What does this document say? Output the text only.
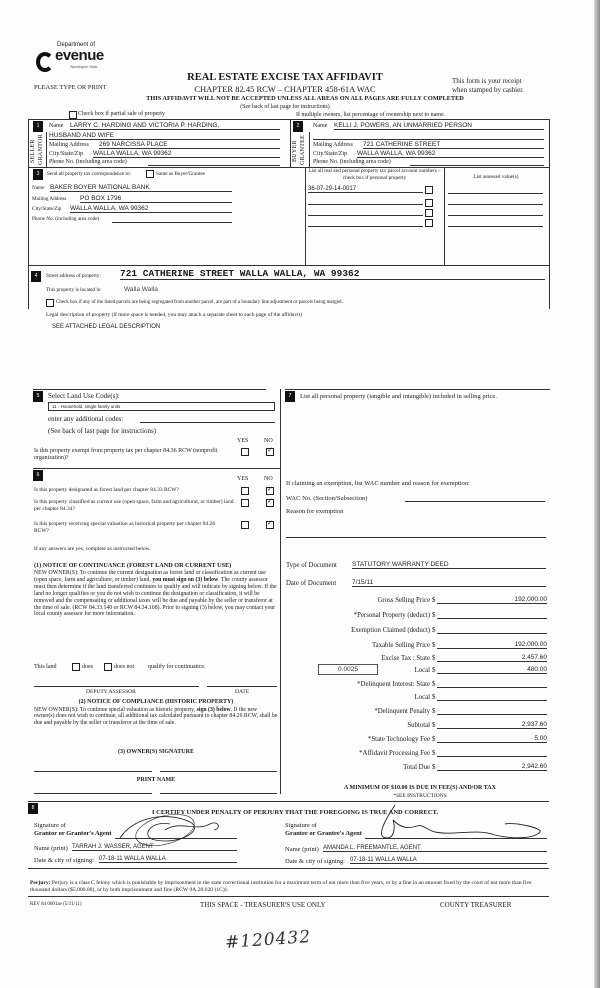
Department of
evenue
Washington State
PLEASE TYPE OR PRINT
REAL ESTATE EXCISE TAX AFFIDAVIT
CHAPTER 82.45 RCW – CHAPTER 458-61A WAC
This form is your receipt
when stamped by cashier.
THIS AFFIDAVIT WILL NOT BE ACCEPTED UNLESS ALL AREAS ON ALL PAGES ARE FULLY COMPLETED
(See back of last page for instructions)
Check box if partial sale of property	If multiple owners, list percentage of ownership next to name.
1
SELLER GRANTOR
Name LARRY C. HARDING AND VICTORIA P. HARDING,
HUSBAND AND WIFE
Mailing Address 269 NARCISSA PLACE
City/State/Zip WALLA WALLA, WA 99362
Phone No. (including area code)
2
BUYER GRANTEE
Name KELLI J. POWERS, AN UNMARRIED PERSON
Mailing Address 721 CATHERINE STREET
City/State/Zip WALLA WALLA, WA 99362
Phone No. (including area code)
3	Send all property tax correspondence to:	Same as Buyer/Grantee
Name BAKER BOYER NATIONAL BANK
Mailing Address PO BOX 1796
City/State/Zip WALLA WALLA, WA 99362
Phone No. (including area code)
List all real and personal property tax parcel account numbers – check box if personal property	List assessed value(s)
36-07-29-14-0017
4	Street address of property: 721 CATHERINE STREET WALLA WALLA, WA 99362
This property is located in	Walla Walla
Check box if any of the listed parcels are being segregated from another parcel, are part of a boundary line adjustment or parcels being merged.
Legal description of property (if more space is needed, you may attach a separate sheet to each page of the affidavit)
SEE ATTACHED LEGAL DESCRIPTION
5	Select Land Use Code(s):
11 - Household, single family units
enter any additional codes:
(See back of last page for instructions)
YES	NO
Is this property exempt from property tax per chapter 84.36 RCW (nonprofit organization)?
✓
6
YES	NO
Is this property designated as forest land per chapter 84.33 RCW?
✓
Is this property classified as current use (open space, farm and agricultural, or timber) land per chapter 84.34?
✓
Is this property receiving special valuation as historical property per chapter 84.26 RCW?
✓
If any answers are yes, complete as instructed below.
(1) NOTICE OF CONTINUANCE (FOREST LAND OR CURRENT USE)
NEW OWNER(S): To continue the current designation as forest land or classification as current use (open space, farm and agriculture, or timber) land, you must sign on (3) below. The county assessor must then determine if the land transferred continues to qualify and will indicate by signing below. If the land no longer qualifies or you do not wish to continue the designation or classification, it will be removed and the compensating or additional taxes will be due and payable by the seller or transferor at the time of sale. (RCW 84.33.140 or RCW 84.34.108). Prior to signing (3) below, you may contact your local county assessor for more information.
This land	does	does not qualify for continuance.
DEPUTY ASSESSOR	DATE
(2) NOTICE OF COMPLIANCE (HISTORIC PROPERTY)
NEW OWNER(S): To continue special valuation as historic property, sign (3) below. If the new owner(s) does not wish to continue, all additional tax calculated pursuant to chapter 84.26 RCW, shall be due and payable by the seller or transferor at the time of sale.
(3) OWNER(S) SIGNATURE
PRINT NAME
7	List all personal property (tangible and intangible) included in selling price.
If claiming an exemption, list WAC number and reason for exemption:
WAC No. (Section/Subsection)
Reason for exemption
Type of Document STATUTORY WARRANTY DEED
Date of Document 7/15/11
Gross Selling Price $	192,000.00
*Personal Property (deduct) $
Exemption Claimed (deduct) $
Taxable Selling Price $	192,000.00
Excise Tax : State $	2,457.60
0.0025	Local $	480.00
*Delinquent Interest: State $
Local $
*Delinquent Penalty $
Subtotal $	2,937.60
*State Technology Fee $	5.00
*Affidavit Processing Fee $
Total Due $	2,942.60
A MINIMUM OF $10.00 IS DUE IN FEE(S) AND/OR TAX
*SEE INSTRUCTIONS
8
I CERTIFY UNDER PENALTY OF PERJURY THAT THE FOREGOING IS TRUE AND CORRECT.
Signature of
Grantor or Grantor's Agent
Name (print) TARRAH J. WASSER, AGENT
Date & city of signing: 07-18-11 WALLA WALLA
Signature of
Grantee or Grantee's Agent
Name (print) AMANDA L. FREEMANTLE, AGENT
Date & city of signing: 07-18-11 WALLA WALLA
Perjury: Perjury is a class C felony which is punishable by imprisonment in the state correctional institution for a maximum term of not more than five years, or by a fine in an amount fixed by the court of not more than five thousand dollars ($5,000.00), or by both imprisonment and fine (RCW 9A.20.020 (1C)).
REV 84 0001ae (5/31/11)	THIS SPACE - TREASURER'S USE ONLY	COUNTY TREASURER
#120432
